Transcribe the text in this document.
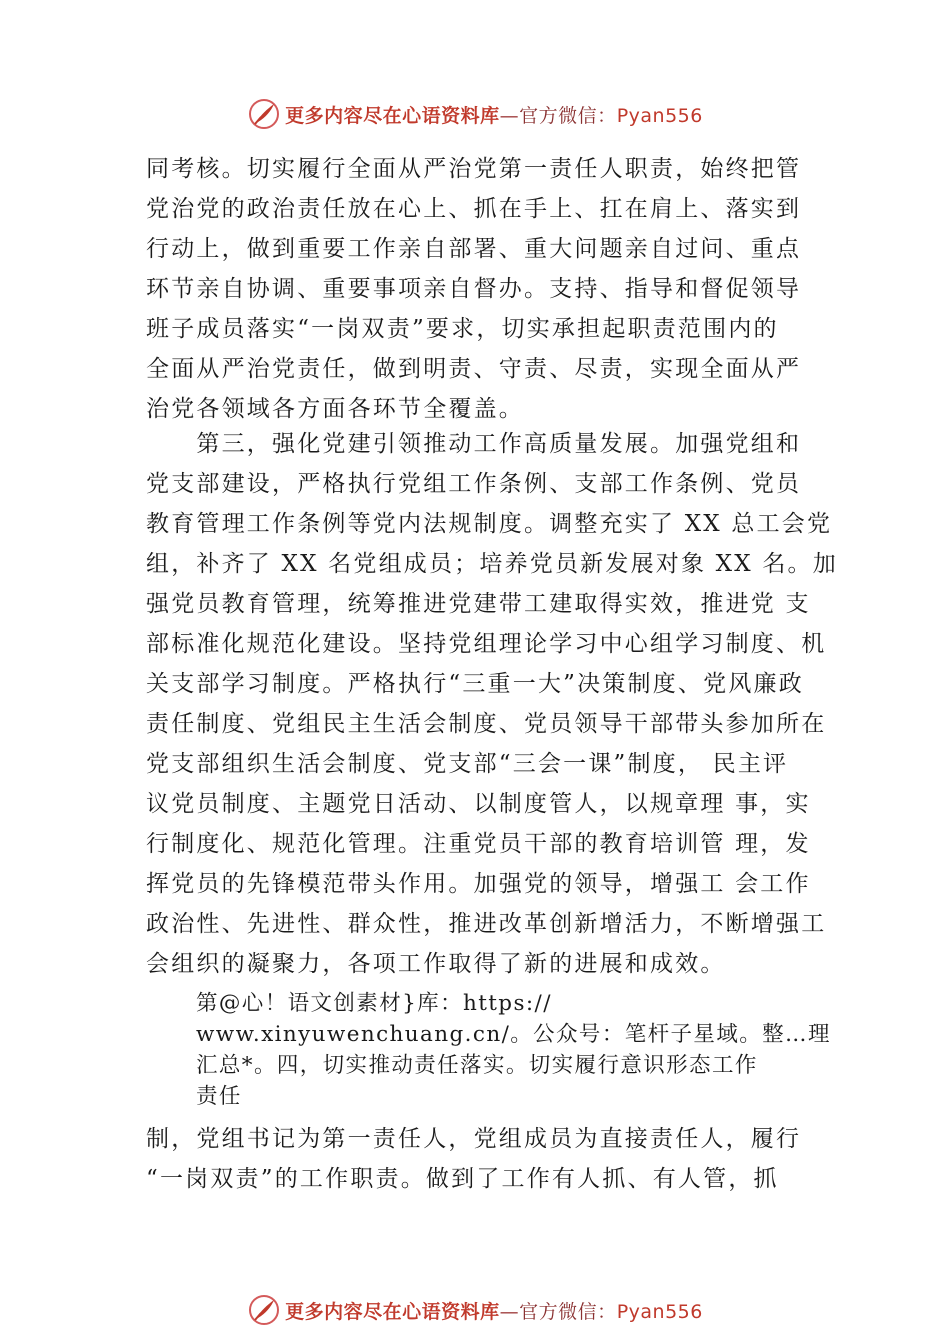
更多内容尽在心语资料库—官方微信：Pyan556
同考核。切实履行全面从严治党第一责任人职责，始终把管
党治党的政治责任放在心上、抓在手上、扛在肩上、落实到
行动上，做到重要工作亲自部署、重大问题亲自过问、重点
环节亲自协调、重要事项亲自督办。支持、指导和督促领导
班子成员落实“一岗双责”要求，切实承担起职责范围内的
全面从严治党责任，做到明责、守责、尽责，实现全面从严
治党各领域各方面各环节全覆盖。
　　第三，强化党建引领推动工作高质量发展。加强党组和
党支部建设，严格执行党组工作条例、支部工作条例、党员
教育管理工作条例等党内法规制度。调整充实了 XX 总工会党
组，补齐了 XX 名党组成员；培养党员新发展对象 XX 名。加
强党员教育管理，统筹推进党建带工建取得实效，推进党 支
部标准化规范化建设。坚持党组理论学习中心组学习制度、机
关支部学习制度。严格执行“三重一大”决策制度、党风廉政
责任制度、党组民主生活会制度、党员领导干部带头参加所在
党支部组织生活会制度、党支部“三会一课”制度， 民主评
议党员制度、主题党日活动、以制度管人，以规章理 事，实
行制度化、规范化管理。注重党员干部的教育培训管 理，发
挥党员的先锋模范带头作用。加强党的领导，增强工 会工作
政治性、先进性、群众性，推进改革创新增活力，不断增强工
会组织的凝聚力，各项工作取得了新的进展和成效。
第@心！语文创素材}库：https://
www.xinyuwenchuang.cn/。公众号：笔杆子星域。整…理
汇总*。四，切实推动责任落实。切实履行意识形态工作
责任
制，党组书记为第一责任人，党组成员为直接责任人，履行
“一岗双责”的工作职责。做到了工作有人抓、有人管，抓
更多内容尽在心语资料库—官方微信：Pyan556
